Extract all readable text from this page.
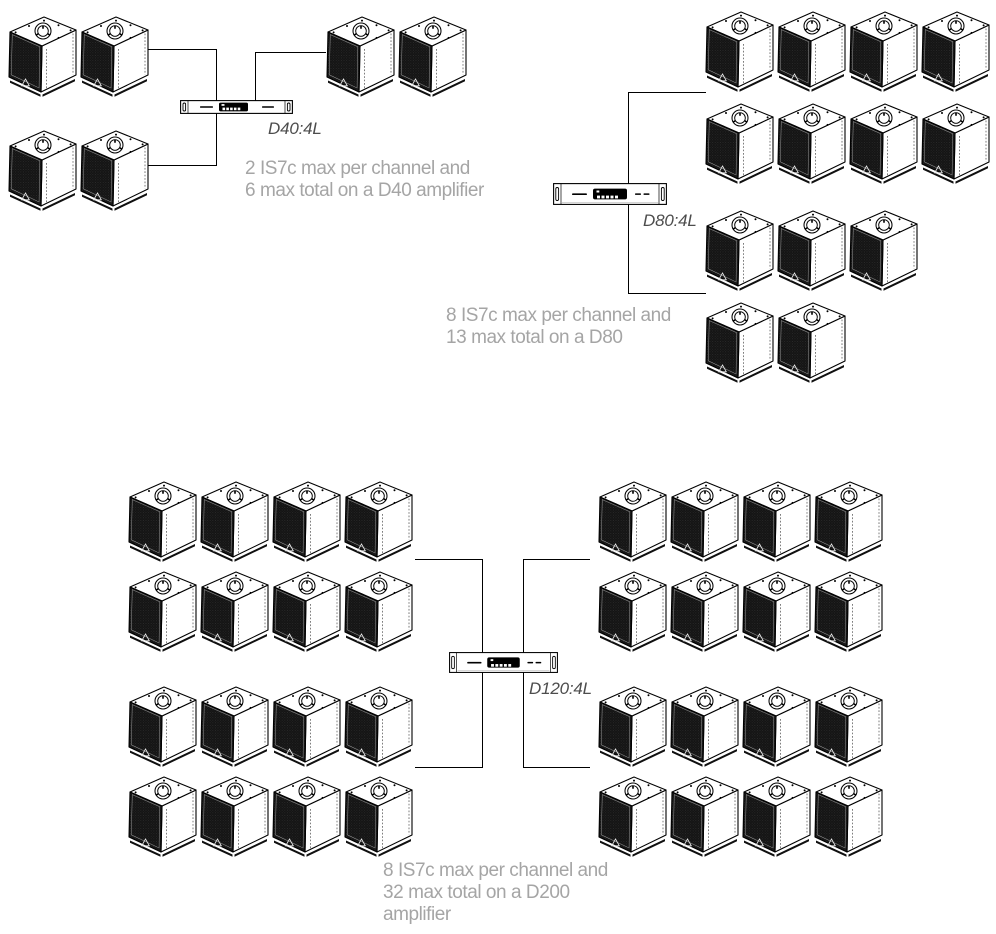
D40:4L
2 IS7c max per channel and
6 max total on a D40 amplifier
D80:4L
8 IS7c max per channel and
13 max total on a D80
D120:4L
8 IS7c max per channel and
32 max total on a D200
amplifier
